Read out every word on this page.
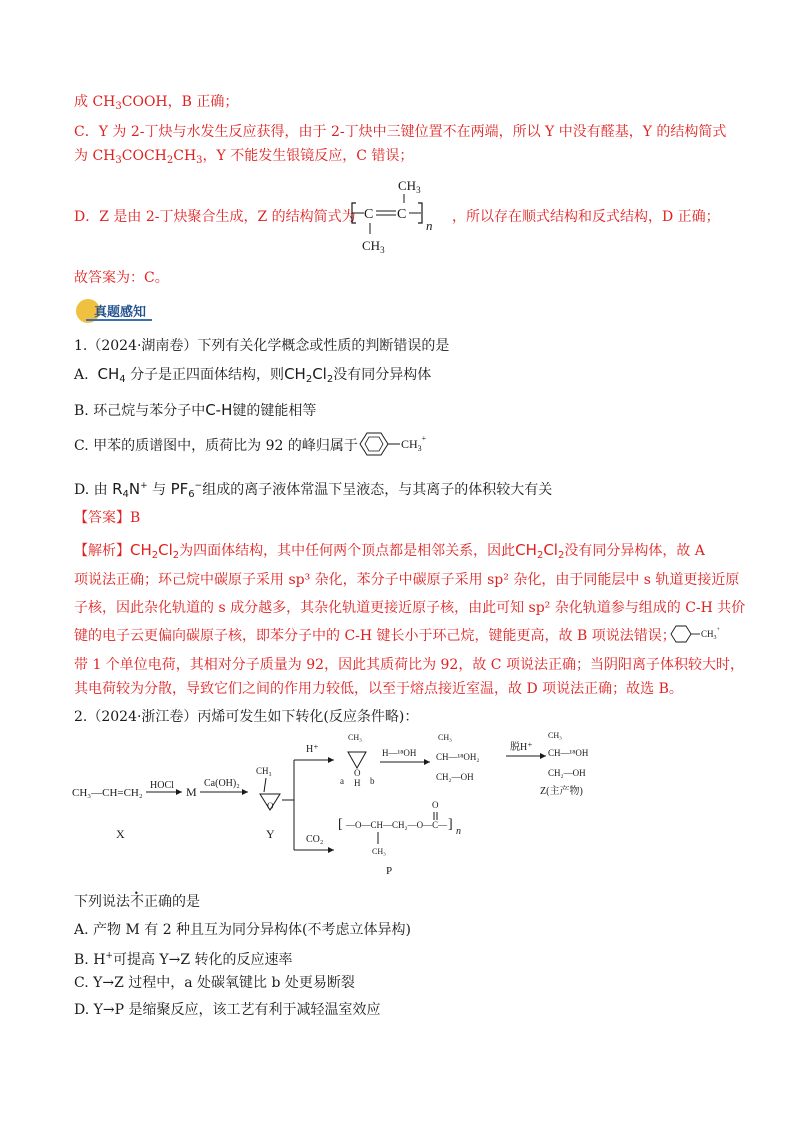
成 $CH_3COOH$，B 正确；
C．Y 为 2-丁炔与水发生反应获得，由于 2-丁炔中三键位置不在两端，所以 Y 中没有醛基，Y 的结构简式
为 $CH_3COCH_2CH_3$，Y 不能发生银镜反应，C 错误；
D．Z 是由 2-丁炔聚合生成，Z 的结构简式为
$CH_3$
C C
n
$CH_3$
，所以存在顺式结构和反式结构，D 正确；
故答案为：C。
真题感知
1.（2024·湖南卷）下列有关化学概念或性质的判断错误的是
A. $CH_4$ 分子是正四面体结构，则$CH_2Cl_2$没有同分异构体
B. 环己烷与苯分子中C-H键的键能相等
C. 甲苯的质谱图中，质荷比为 92 的峰归属于	$CH_3^+$
D. 由 $R_4N^+$ 与 $PF_6^-$组成的离子液体常温下呈液态，与其离子的体积较大有关
【答案】B
【解析】$CH_2Cl_2$为四面体结构，其中任何两个顶点都是相邻关系，因此$CH_2Cl_2$没有同分异构体，故 A
项说法正确；环己烷中碳原子采用 sp³ 杂化，苯分子中碳原子采用 sp² 杂化，由于同能层中 s 轨道更接近原
子核，因此杂化轨道的 s 成分越多，其杂化轨道更接近原子核，由此可知 sp² 杂化轨道参与组成的 C-H 共价
键的电子云更偏向碳原子核，即苯分子中的 C-H 键长小于环己烷，键能更高，故 B 项说法错误；	$CH_3^+$
带 1 个单位电荷，其相对分子质量为 92，因此其质荷比为 92，故 C 项说法正确；当阴阳离子体积较大时，
其电荷较为分散，导致它们之间的作用力较低，以至于熔点接近室温，故 D 项说法正确；故选 B。
2.（2024·浙江卷）丙烯可发生如下转化(反应条件略)：
CH₃—CH=CH₂
X
HOCl M
Ca(OH)₂
CH₃
O
Y
H⁺
CO₂
CH₃
O
H
a	b
H—¹⁸OH
CH₃
CH—¹⁸OH₂
CH₂—OH
脱H⁺
CH₃
CH—¹⁸OH
CH₂—OH
Z(主产物)
[ —O—CH—CH₂—O—C— ] n
O
CH₃
P
下列说法不正确的是
A. 产物 M 有 2 种且互为同分异构体(不考虑立体异构)
B. H+可提高 Y→Z 转化的反应速率
C. Y→Z 过程中，a 处碳氧键比 b 处更易断裂
D. Y→P 是缩聚反应，该工艺有利于减轻温室效应
